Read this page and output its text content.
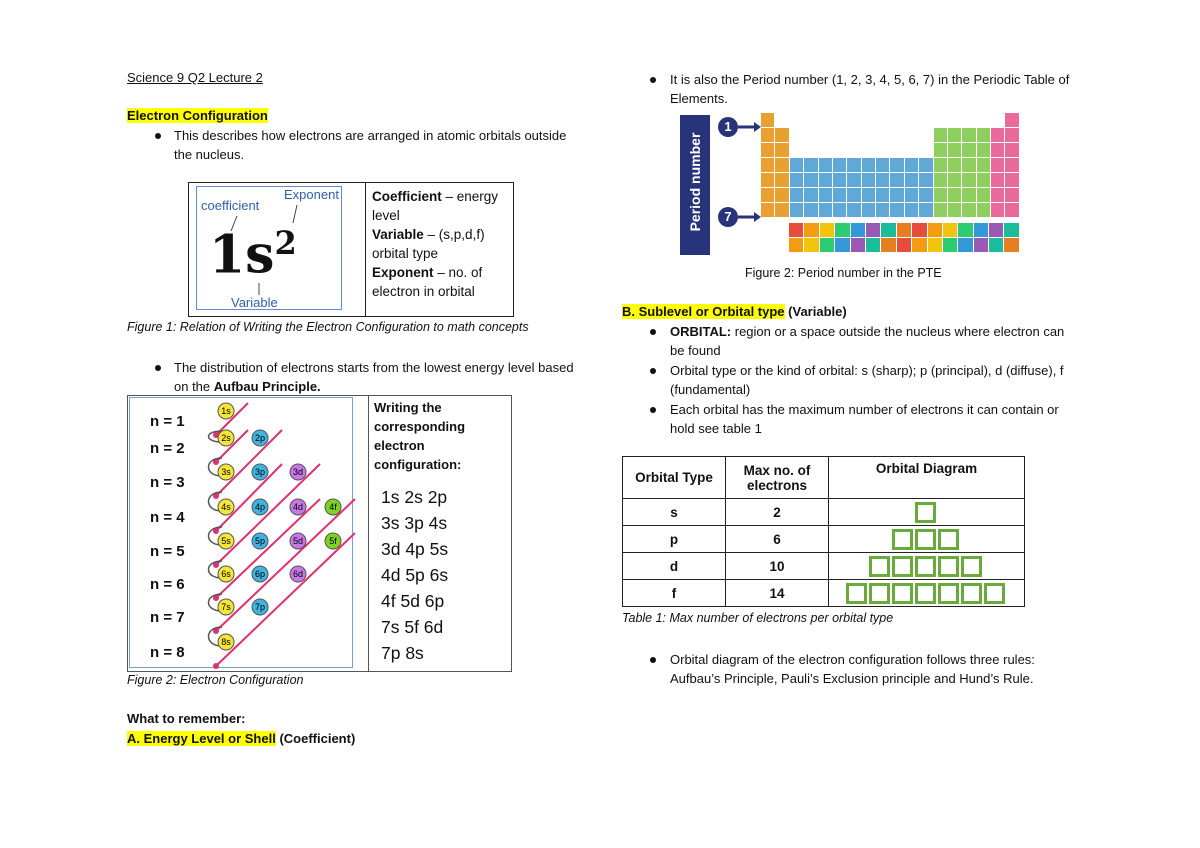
Science 9 Q2 Lecture 2
Electron Configuration
This describes how electrons are arranged in atomic orbitals outside the nucleus.
coefficient
Exponent
$1s^2$
Variable

Coefficient – energy level
Variable – (s,p,d,f) orbital type
Exponent – no. of electron in orbital
Figure 1: Relation of Writing the Electron Configuration to math concepts
The distribution of electrons starts from the lowest energy level based on the Aufbau Principle.
n = 1
n = 2
n = 3
n = 4
n = 5
n = 6
n = 7
n = 8
1s
2s	2p
3s	3p	3d
4s	4p	4d	4f
5s	5p	5d	5f
6s	6p	6d
7s	7p
8s
Writing the corresponding electron configuration:
1s 2s 2p
3s 3p 4s
3d 4p 5s
4d 5p 6s
4f 5d 6p
7s 5f 6d
7p 8s
Figure 2: Electron Configuration
What to remember:
A. Energy Level or Shell (Coefficient)
It is also the Period number (1, 2, 3, 4, 5, 6, 7) in the Periodic Table of Elements.
Period number
1
7

Figure 2: Period number in the PTE
B. Sublevel or Orbital type (Variable)
ORBITAL: region or a space outside the nucleus where electron can be found
Orbital type or the kind of orbital: s (sharp); p (principal), d (diffuse), f (fundamental)
Each orbital has the maximum number of electrons it can contain or hold see table 1
Orbital Type	Max no. of electrons	Orbital Diagram
s	2	
p	6	
d	10	
f	14	
Table 1: Max number of electrons per orbital type
Orbital diagram of the electron configuration follows three rules: Aufbau’s Principle, Pauli’s Exclusion principle and Hund’s Rule.
